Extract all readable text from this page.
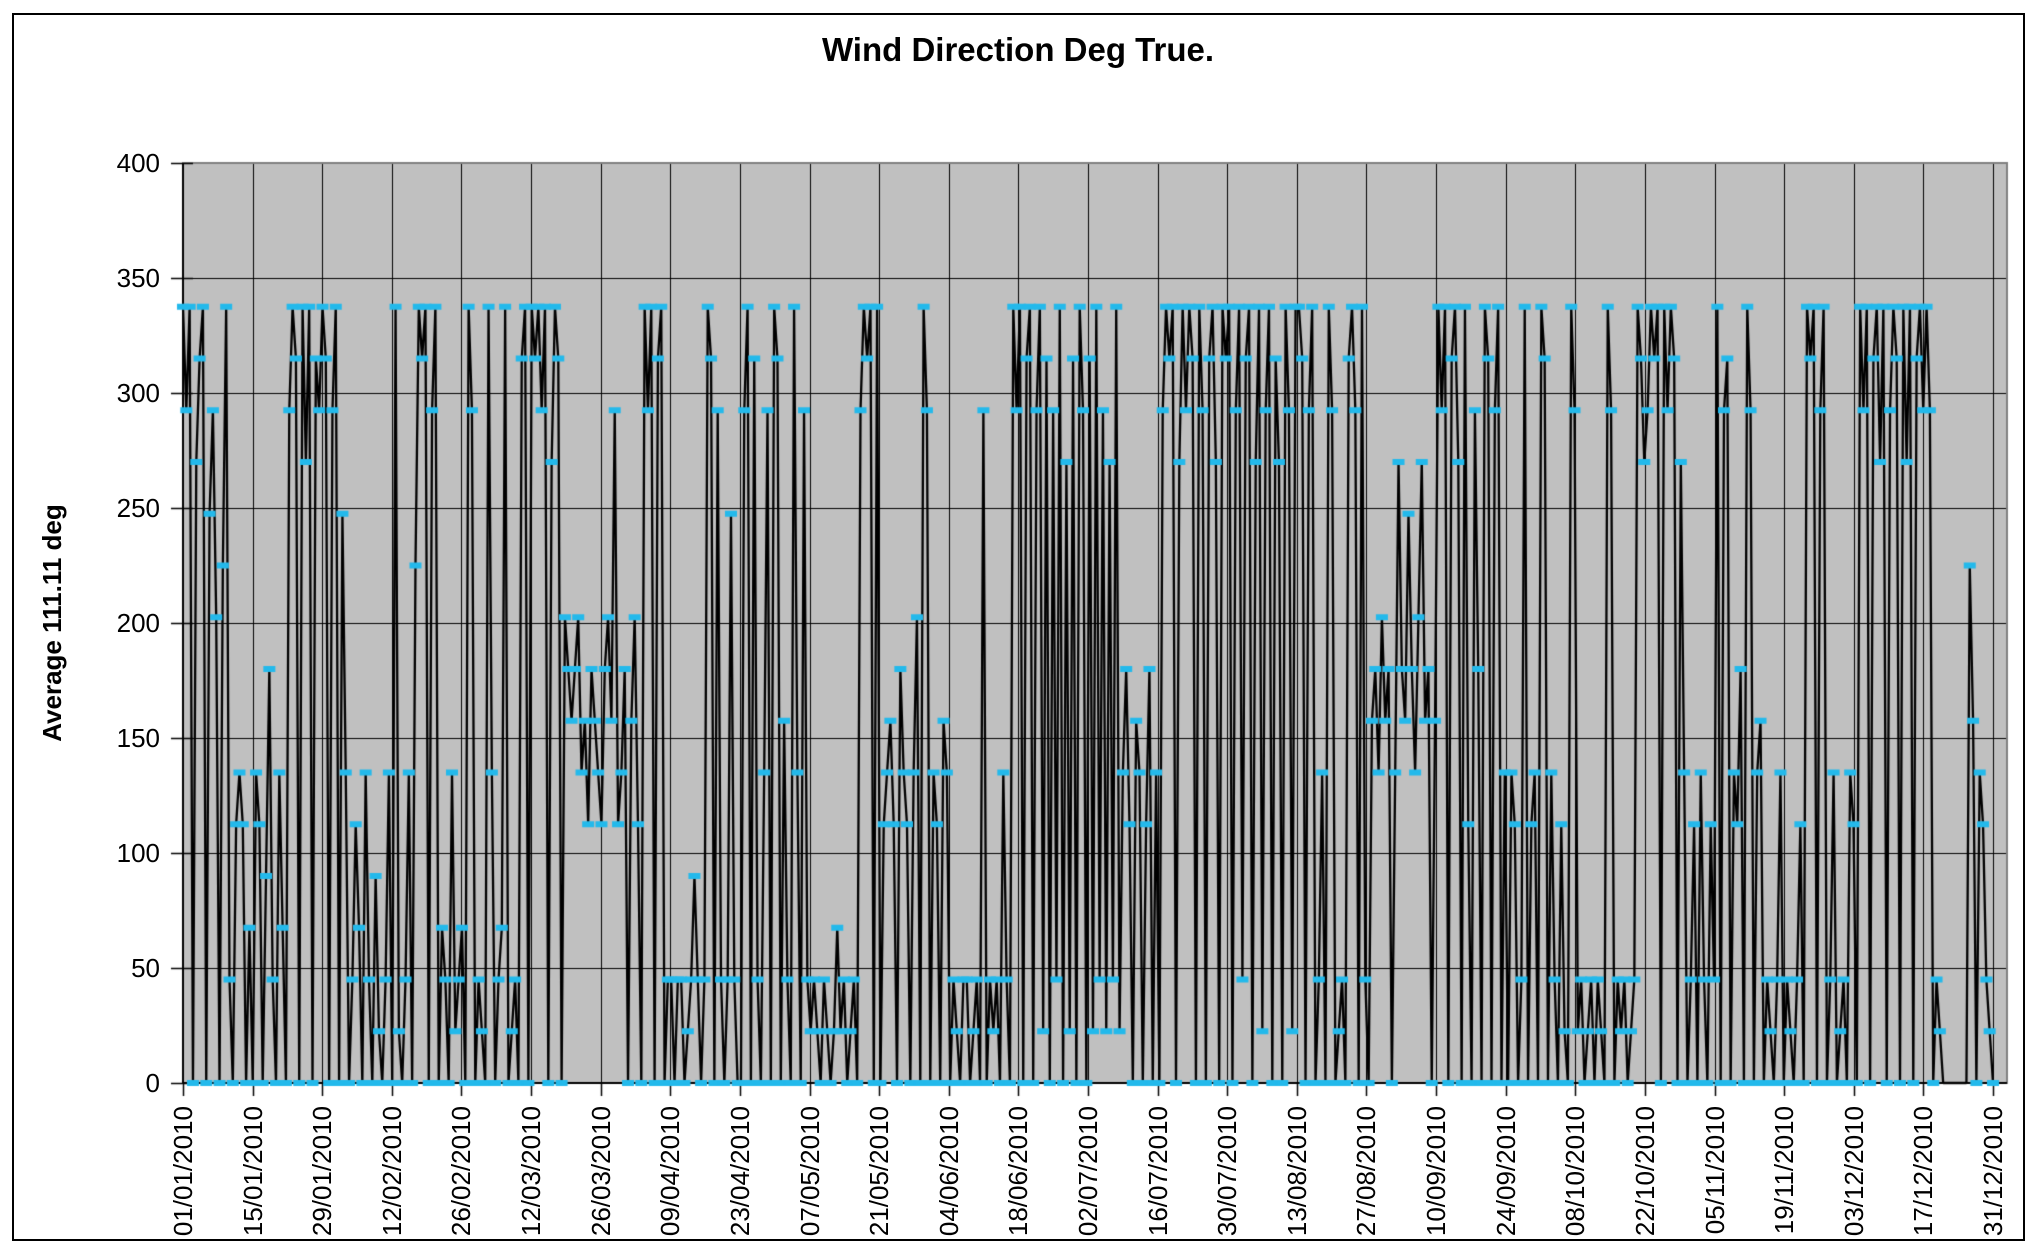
Wind Direction Deg True.
Average 111.11 deg
0
50
100
150
200
250
300
350
400
01/01/2010 15/01/2010 29/01/2010 12/02/2010 26/02/2010 12/03/2010 26/03/2010 09/04/2010 23/04/2010 07/05/2010 21/05/2010 04/06/2010 18/06/2010 02/07/2010 16/07/2010 30/07/2010 13/08/2010 27/08/2010 10/09/2010 24/09/2010 08/10/2010 22/10/2010 05/11/2010 19/11/2010 03/12/2010 17/12/2010 31/12/2010
